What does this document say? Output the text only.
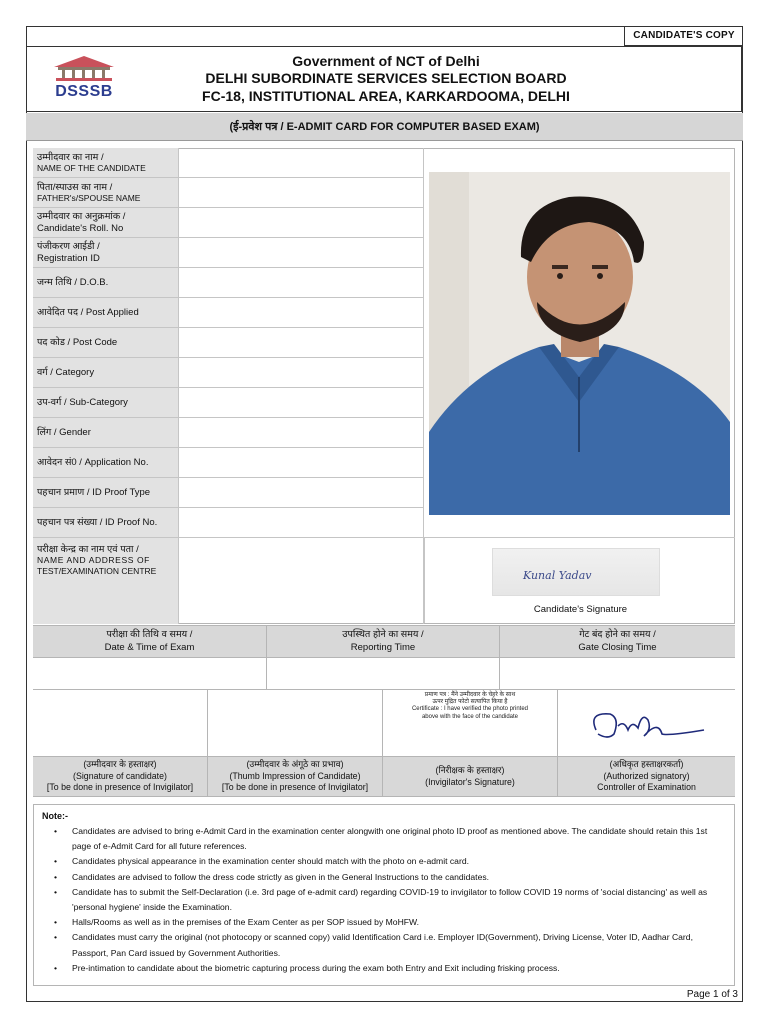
CANDIDATE'S COPY
DSSSB
Government of NCT of Delhi
DELHI SUBORDINATE SERVICES SELECTION BOARD
FC-18, INSTITUTIONAL AREA, KARKARDOOMA, DELHI
(ई-प्रवेश पत्र / E-ADMIT CARD FOR COMPUTER BASED EXAM)
उम्मीदवार का नाम /
NAME OF THE CANDIDATE
पिता/स्पाउस का नाम /
FATHER's/SPOUSE NAME
उम्मीदवार का अनुक्रमांक /
Candidate's Roll. No
पंजीकरण आईडी /
Registration ID
जन्म तिथि / D.O.B.
आवेदित पद / Post Applied
पद कोड / Post Code
वर्ग / Category
उप-वर्ग / Sub-Category
लिंग / Gender
आवेदन सं0 / Application No.
पहचान प्रमाण / ID Proof Type
पहचान पत्र संख्या / ID Proof No.
परीक्षा केन्द्र का नाम एवं पता /
NAME AND ADDRESS OF
TEST/EXAMINATION CENTRE	Kunal Yadav
Candidate's Signature
परीक्षा की तिथि व समय /
Date & Time of Exam
उपस्थित होने का समय /
Reporting Time
गेट बंद होने का समय /
Gate Closing Time
प्रमाण पत्र : मैंने उम्मीदवार के चेहरे के साथ
ऊपर मुद्रित फोटो सत्यापित किया है
Certificate : I have verified the photo printed
above with the face of the candidate
(उम्मीदवार के हस्ताक्षर)
(Signature of candidate)
[To be done in presence of Invigilator]
(उम्मीदवार के अंगूठे का प्रभाव)
(Thumb Impression of Candidate)
[To be done in presence of Invigilator]
(निरीक्षक के हस्ताक्षर)
(Invigilator's Signature)
(अधिकृत हस्ताक्षरकर्ता)
(Authorized signatory)
Controller of Examination
Note:-
• Candidates are advised to bring e-Admit Card in the examination center alongwith one original photo ID proof as mentioned above. The candidate should retain this 1st page of e-Admit Card for all future references.
• Candidates physical appearance in the examination center should match with the photo on e-admit card.
• Candidates are advised to follow the dress code strictly as given in the General Instructions to the candidates.
• Candidate has to submit the Self-Declaration (i.e. 3rd page of e-admit card) regarding COVID-19 to invigilator to follow COVID 19 norms of 'social distancing' as well as 'personal hygiene' inside the Examination.
• Halls/Rooms as well as in the premises of the Exam Center as per SOP issued by MoHFW.
• Candidates must carry the original (not photocopy or scanned copy) valid Identification Card i.e. Employer ID(Government), Driving License, Voter ID, Aadhar Card, Passport, Pan Card issued by Government Authorities.
• Pre-intimation to candidate about the biometric capturing process during the exam both Entry and Exit including frisking process.
Page 1 of 3
